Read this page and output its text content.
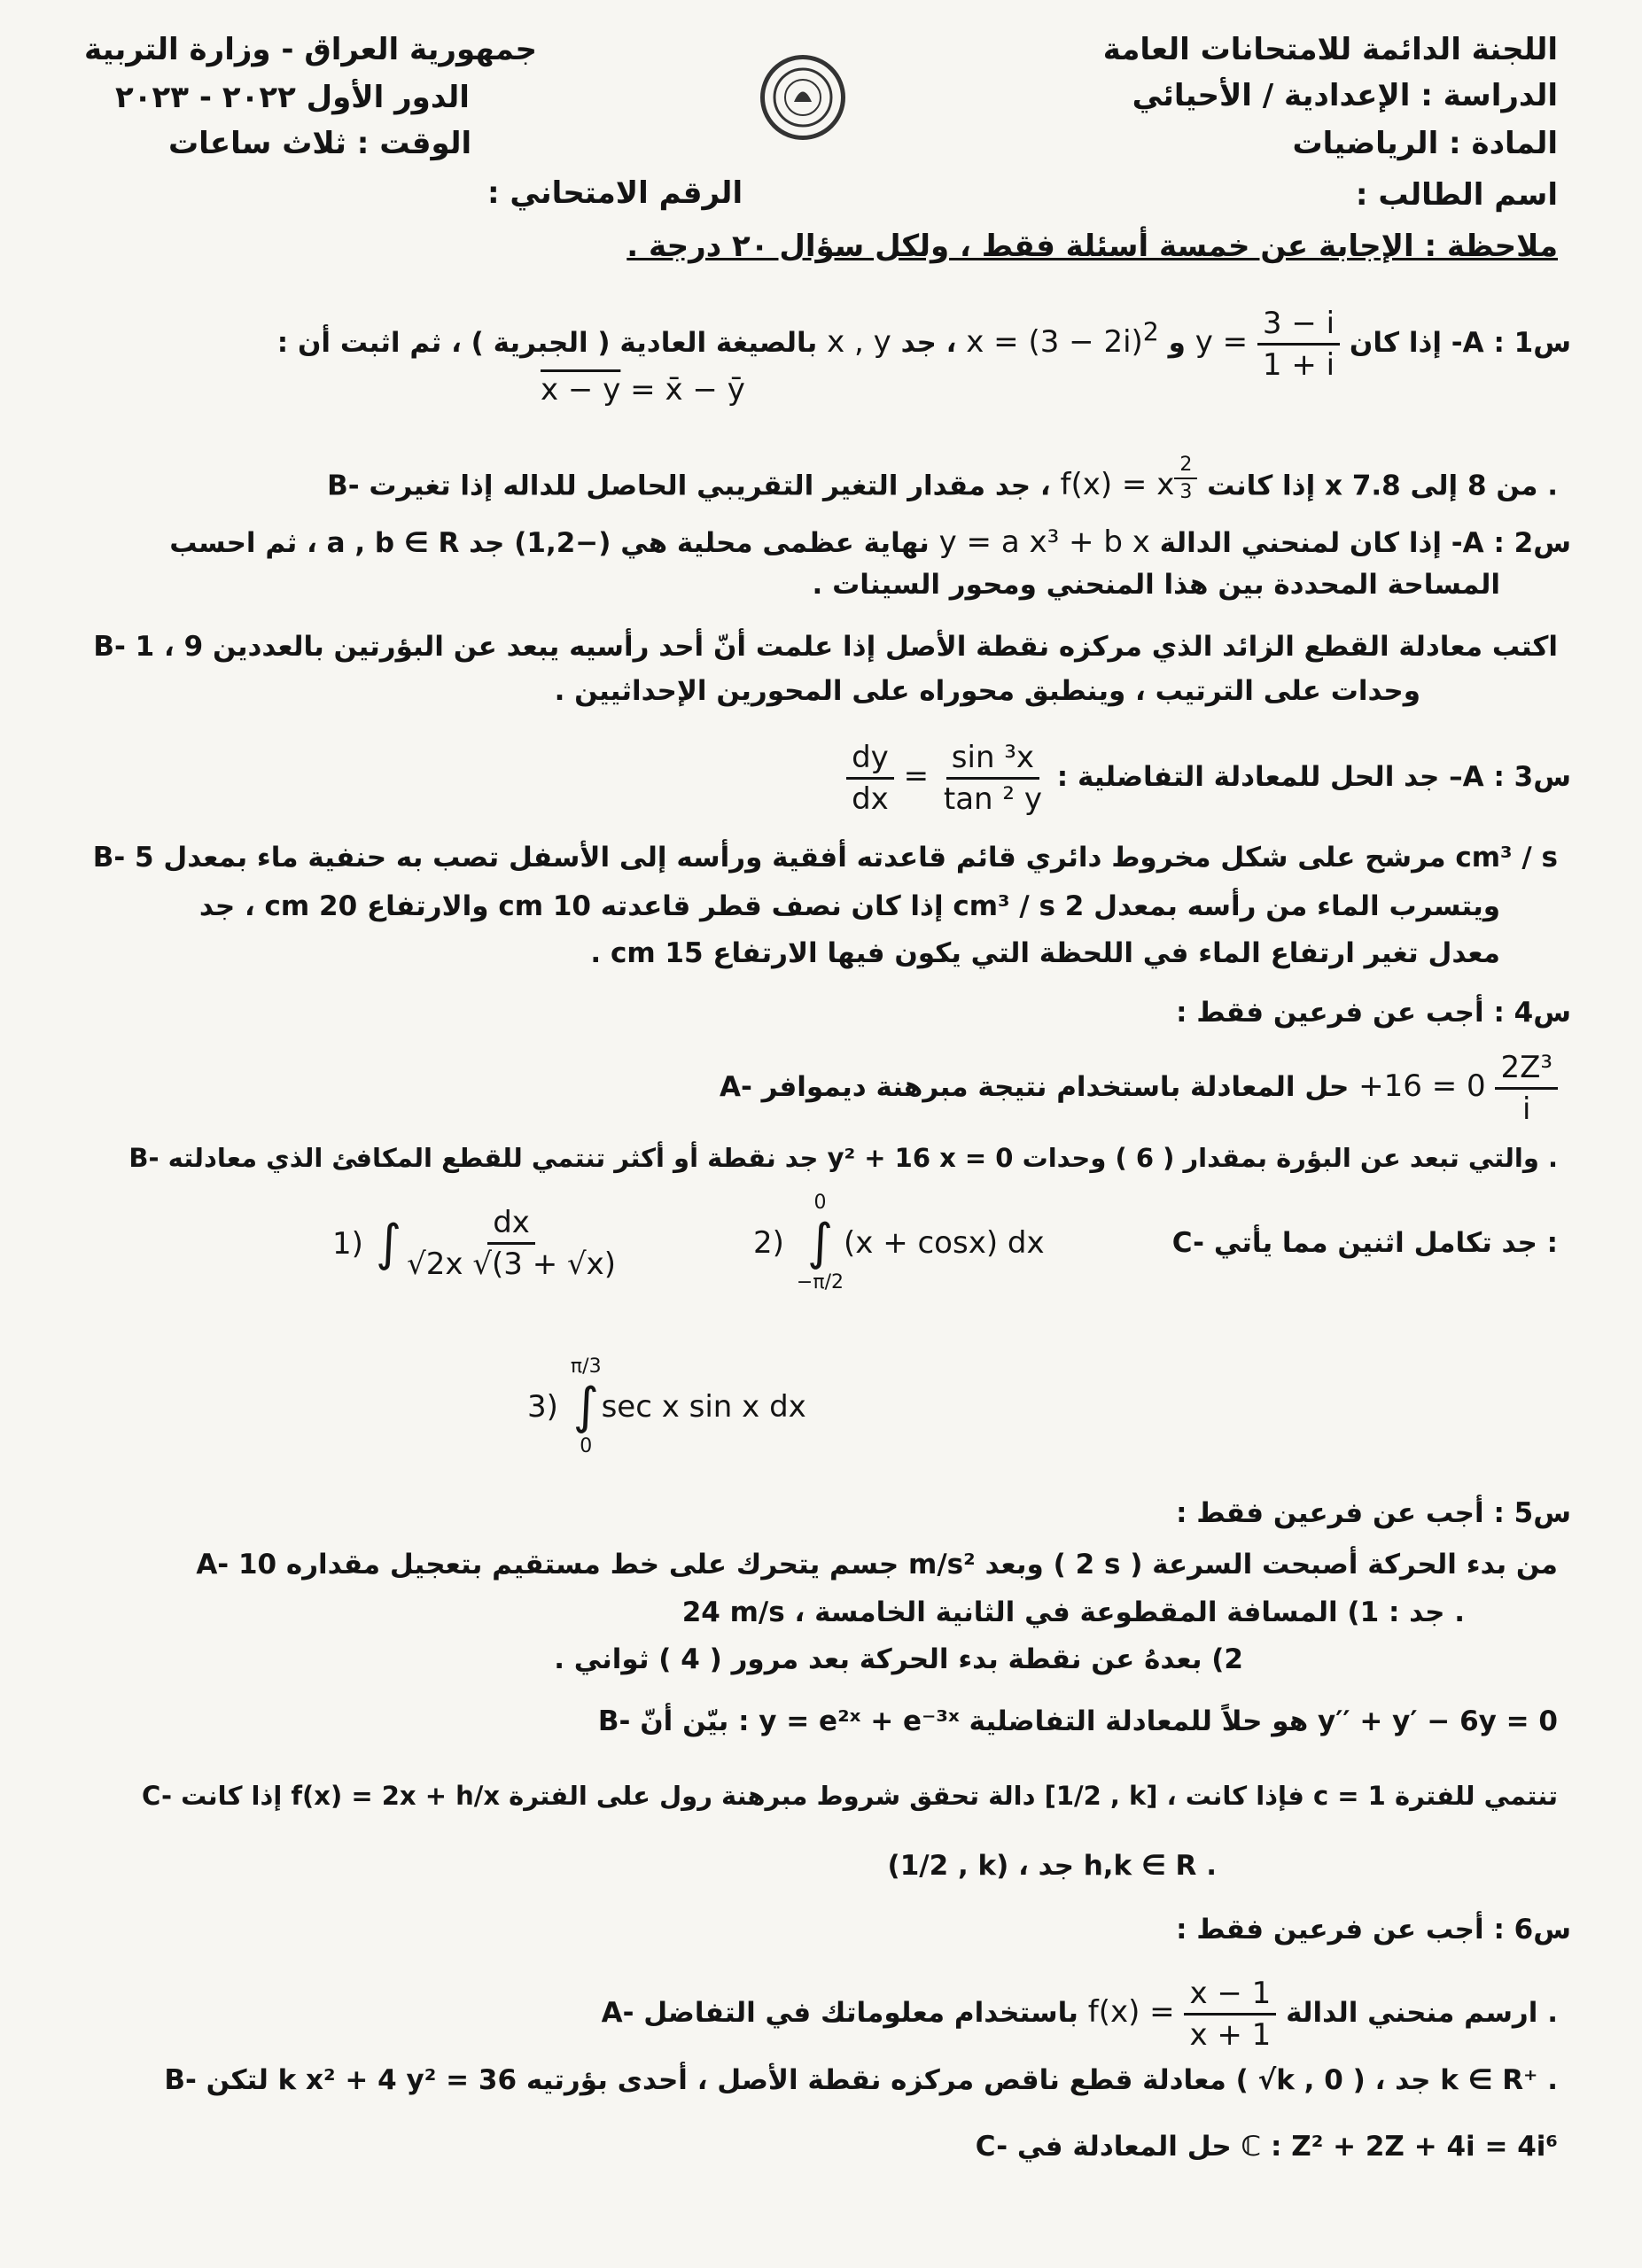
اللجنة الدائمة للامتحانات العامة
الدراسة : الإعدادية / الأحيائي
المادة : الرياضيات
جمهورية العراق - وزارة التربية
الدور الأول ٢٠٢٢ - ٢٠٢٣
الوقت : ثلاث ساعات
اسم الطالب :
الرقم الامتحاني :
ملاحظة : الإجابة عن خمسة أسئلة فقط ، ولكل سؤال ٢٠ درجة .
س1 : A- إذا كان
$\frac{3 - i}{1 + i}$
y = و $x = (3 - 2i)^2$ ، جد x , y بالصيغة العادية ( الجبرية ) ، ثم اثبت أن :
x − y = x̄ − ȳ
B- إذا كانت f(x) = x $^{\frac{2}{3}}$
، جد مقدار التغير التقريبي الحاصل للداله إذا تغيرت x من 8 إلى 7.8 .
س2 : A- إذا كان لمنحني الدالة y = a x³ + b x نهاية عظمى محلية هي (−1,2) جد a , b ∈ R ، ثم احسب
المساحة المحددة بين هذا المنحني ومحور السينات .
B- اكتب معادلة القطع الزائد الذي مركزه نقطة الأصل إذا علمت أنّ أحد رأسيه يبعد عن البؤرتين بالعددين 9 ، 1
وحدات على الترتيب ، وينطبق محوراه على المحورين الإحداثيين .
س3 : A– جد الحل للمعادلة التفاضلية :
$\frac{\text{sin ³x}}{\text{tan ² y}}$
=
$\frac{dy}{dx}$
B- مرشح على شكل مخروط دائري قائم قاعدته أفقية ورأسه إلى الأسفل تصب به حنفية ماء بمعدل 5 cm³ / s
ويتسرب الماء من رأسه بمعدل 2 cm³ / s إذا كان نصف قطر قاعدته 10 cm والارتفاع 20 cm ، جد
معدل تغير ارتفاع الماء في اللحظة التي يكون فيها الارتفاع 15 cm .
س4 : أجب عن فرعين فقط :
A- حل المعادلة باستخدام نتيجة مبرهنة ديموافر $+16 = 0 \frac{\text{2Z³}}{i}$
B- جد نقطة أو أكثر تنتمي للقطع المكافئ الذي معادلته y² + 16 x = 0 والتي تبعد عن البؤرة بمقدار ( 6 ) وحدات .
C- جد تكامل اثنين مما يأتي :
1) ∫ $\frac{dx}{√2x √(3 + √x)}$	2)
0
∫
−π/2
(x + cosx) dx
3)
π/3
∫
0
sec x sin x dx
س5 : أجب عن فرعين فقط :
A- جسم يتحرك على خط مستقيم بتعجيل مقداره 10 m/s² وبعد ( 2 s ) من بدء الحركة أصبحت السرعة
24 m/s ، جد : 1) المسافة المقطوعة في الثانية الخامسة .
2) بعدهُ عن نقطة بدء الحركة بعد مرور ( 4 ) ثواني .
B- بيّن أنّ : y = e²ˣ + e⁻³ˣ هو حلاً للمعادلة التفاضلية y′′ + y′ − 6y = 0
C- إذا كانت f(x) = 2x + h/x دالة تحقق شروط مبرهنة رول على الفترة [1/2 , k] ، فإذا كانت c = 1 تنتمي للفترة
(1/2 , k) ، جد h,k ∈ R .
س6 : أجب عن فرعين فقط :
A- ارسم منحني الدالة
$\frac{x - 1}{x + 1}$
f(x) = باستخدام معلوماتك في التفاضل .
B- لتكن k x² + 4 y² = 36 معادلة قطع ناقص مركزه نقطة الأصل ، أحدى بؤرتيه ( √k , 0 ) ، جد k ∈ R⁺ .
C- حل المعادلة في ℂ : Z² + 2Z + 4i = 4i⁶
